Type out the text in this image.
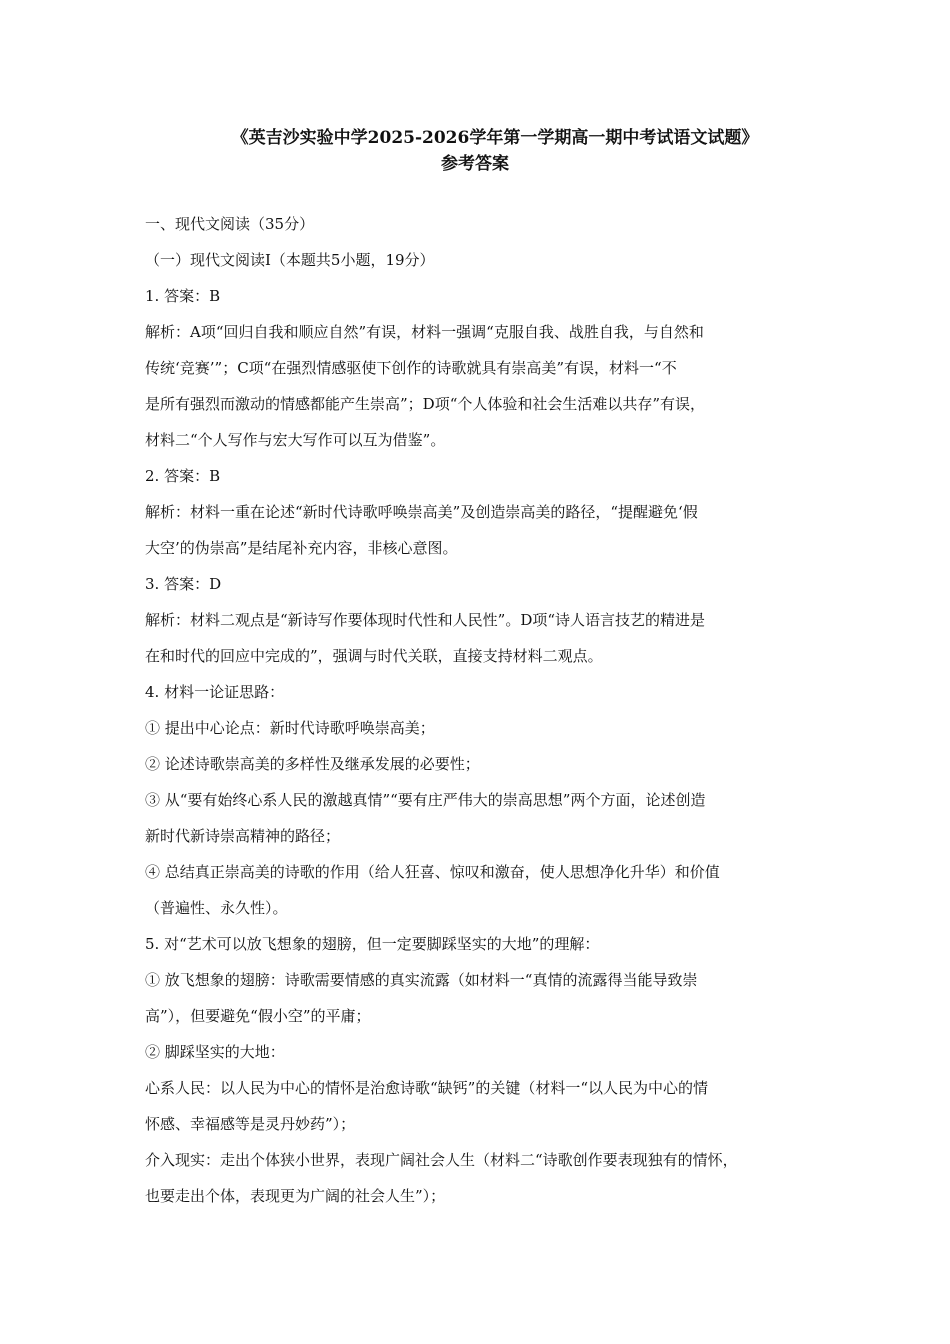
《英吉沙实验中学2025-2026学年第一学期高一期中考试语文试题》
参考答案
一、现代文阅读（35分）
（一）现代文阅读I（本题共5小题，19分）
1. 答案：B
解析：A项“回归自我和顺应自然”有误，材料一强调“克服自我、战胜自我，与自然和
传统‘竞赛’”；C项“在强烈情感驱使下创作的诗歌就具有崇高美”有误，材料一“不
是所有强烈而激动的情感都能产生崇高”；D项“个人体验和社会生活难以共存”有误，
材料二“个人写作与宏大写作可以互为借鉴”。
2. 答案：B
解析：材料一重在论述“新时代诗歌呼唤崇高美”及创造崇高美的路径，“提醒避免‘假
大空’的伪崇高”是结尾补充内容，非核心意图。
3. 答案：D
解析：材料二观点是“新诗写作要体现时代性和人民性”。D项“诗人语言技艺的精进是
在和时代的回应中完成的”，强调与时代关联，直接支持材料二观点。
4. 材料一论证思路：
① 提出中心论点：新时代诗歌呼唤崇高美；
② 论述诗歌崇高美的多样性及继承发展的必要性；
③ 从“要有始终心系人民的激越真情”“要有庄严伟大的崇高思想”两个方面，论述创造
新时代新诗崇高精神的路径；
④ 总结真正崇高美的诗歌的作用（给人狂喜、惊叹和激奋，使人思想净化升华）和价值
（普遍性、永久性）。
5. 对“艺术可以放飞想象的翅膀，但一定要脚踩坚实的大地”的理解：
① 放飞想象的翅膀：诗歌需要情感的真实流露（如材料一“真情的流露得当能导致崇
高”），但要避免“假小空”的平庸；
② 脚踩坚实的大地：
心系人民：以人民为中心的情怀是治愈诗歌“缺钙”的关键（材料一“以人民为中心的情
怀感、幸福感等是灵丹妙药”）；
介入现实：走出个体狭小世界，表现广阔社会人生（材料二“诗歌创作要表现独有的情怀，
也要走出个体，表现更为广阔的社会人生”）；
